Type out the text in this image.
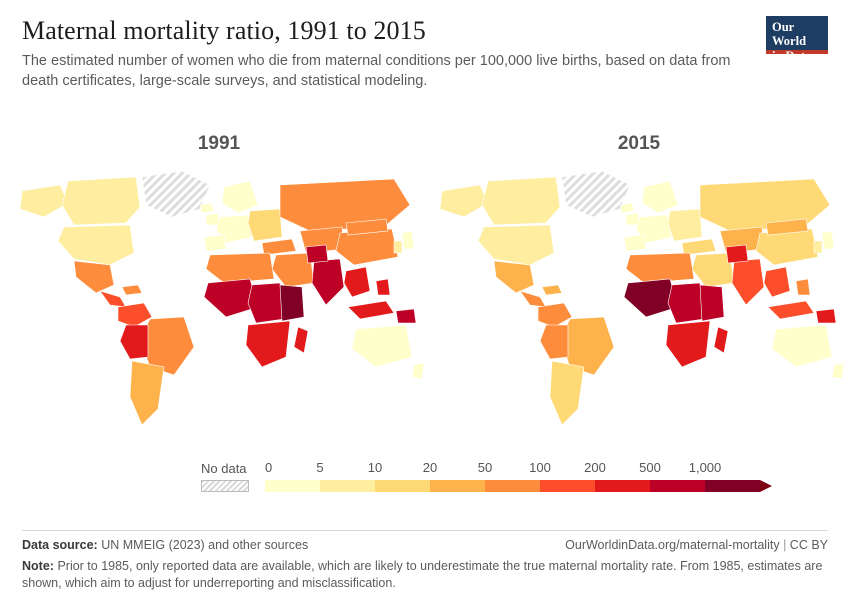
Maternal mortality ratio, 1991 to 2015

The estimated number of women who die from maternal conditions per 100,000 live births, based on data from death certificates, large-scale surveys, and statistical modeling.

Our World
in Data
1991	2015
No data 0	5	10	20	50	100	200	500 1,000
Data source: UN MMEIG (2023) and other sources	OurWorldinData.org/maternal-mortality | CC BY
Note: Prior to 1985, only reported data are available, which are likely to underestimate the true maternal mortality rate. From 1985, estimates are shown, which aim to adjust for underreporting and misclassification.
